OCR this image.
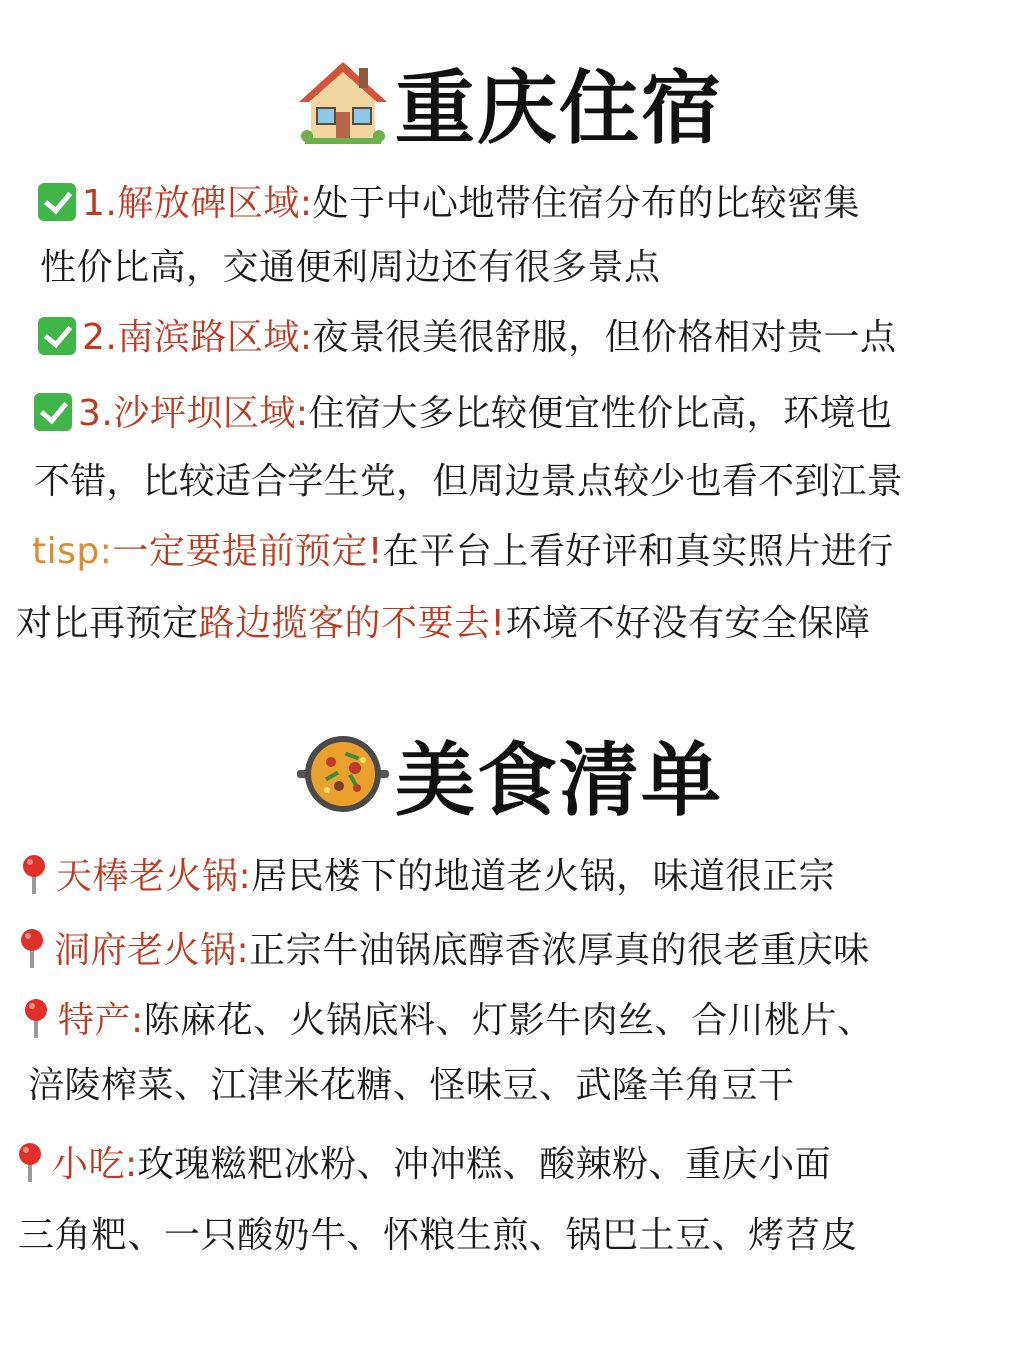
重庆住宿
1.解放碑区域:处于中心地带住宿分布的比较密集
性价比高，交通便利周边还有很多景点
2.南滨路区域:夜景很美很舒服，但价格相对贵一点
3.沙坪坝区域:住宿大多比较便宜性价比高，环境也
不错，比较适合学生党，但周边景点较少也看不到江景
tisp:一定要提前预定!在平台上看好评和真实照片进行
对比再预定路边揽客的不要去!环境不好没有安全保障
美食清单
天棒老火锅:居民楼下的地道老火锅，味道很正宗
洞府老火锅:正宗牛油锅底醇香浓厚真的很老重庆味
特产:陈麻花、火锅底料、灯影牛肉丝、合川桃片、
涪陵榨菜、江津米花糖、怪味豆、武隆羊角豆干
小吃:玫瑰糍粑冰粉、冲冲糕、酸辣粉、重庆小面
三角粑、一只酸奶牛、怀粮生煎、锅巴土豆、烤苕皮
